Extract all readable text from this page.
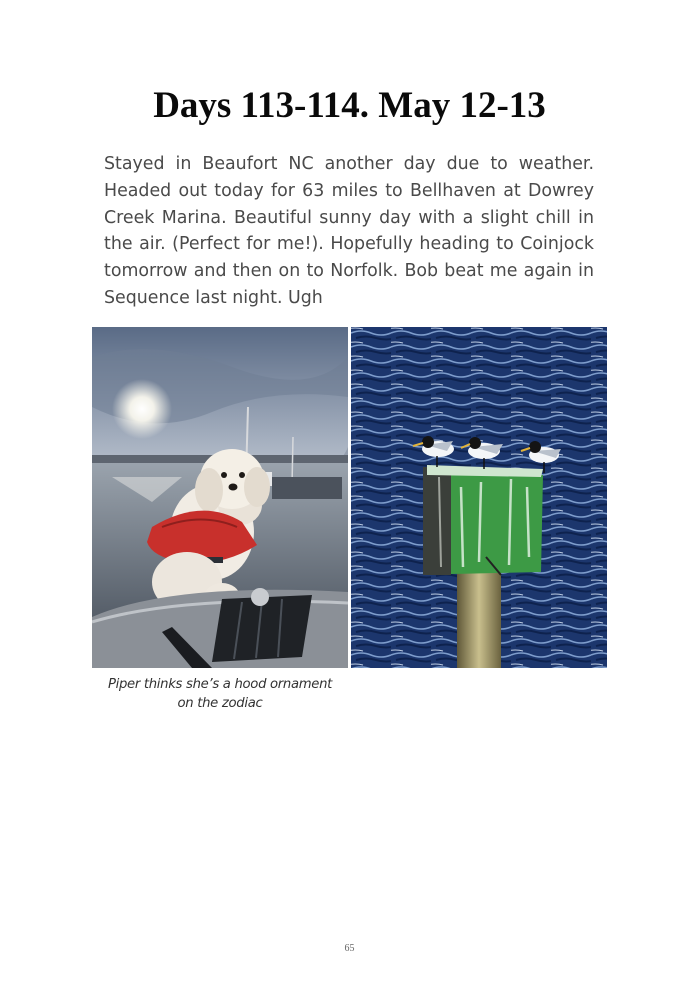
Days 113-114. May 12-13

Stayed in Beaufort NC another day due to weather. Headed out today for 63 miles to Bellhaven at Dowrey Creek Marina. Beautiful sunny day with a slight chill in the air. (Perfect for me!). Hopefully heading to Coinjock tomorrow and then on to Norfolk. Bob beat me again in Sequence last night. Ugh

Piper thinks she’s a hood ornament
on the zodiac

65
